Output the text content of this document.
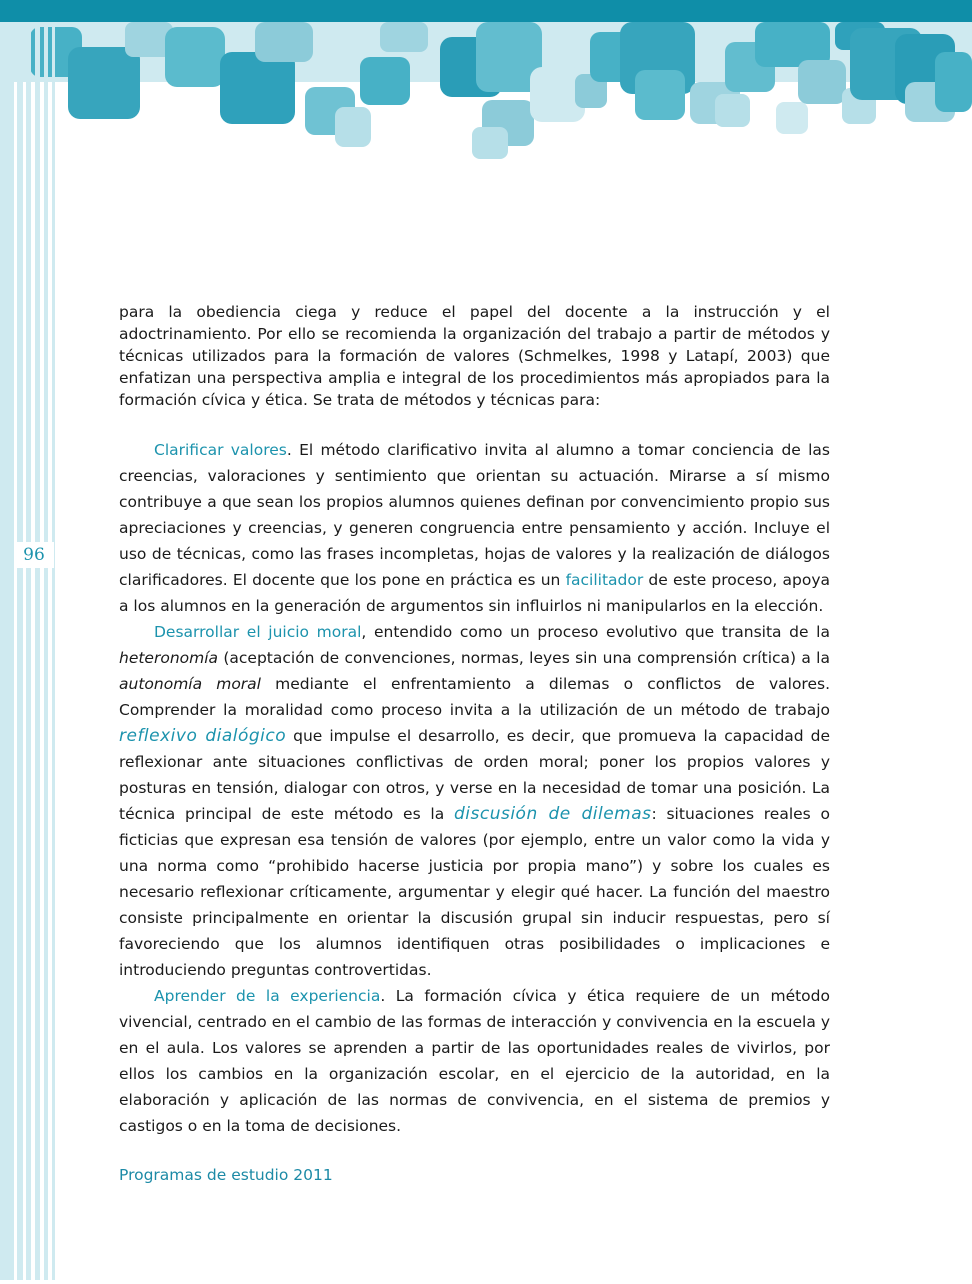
96

para la obediencia ciega y reduce el papel del docente a la instrucción y el adoctrinamiento. Por ello se recomienda la organización del trabajo a partir de métodos y técnicas utilizados para la formación de valores (Schmelkes, 1998 y Latapí, 2003) que enfatizan una perspectiva amplia e integral de los procedimientos más apropiados para la formación cívica y ética. Se trata de métodos y técnicas para:

Clarificar valores. El método clarificativo invita al alumno a tomar conciencia de las creencias, valoraciones y sentimiento que orientan su actuación. Mirarse a sí mismo contribuye a que sean los propios alumnos quienes definan por convencimiento propio sus apreciaciones y creencias, y generen congruencia entre pensamiento y acción. Incluye el uso de técnicas, como las frases incompletas, hojas de valores y la realización de diálogos clarificadores. El docente que los pone en práctica es un facilitador de este proceso, apoya a los alumnos en la generación de argumentos sin influirlos ni manipularlos en la elección.

Desarrollar el juicio moral, entendido como un proceso evolutivo que transita de la heteronomía (aceptación de convenciones, normas, leyes sin una comprensión crítica) a la autonomía moral mediante el enfrentamiento a dilemas o conflictos de valores. Comprender la moralidad como proceso invita a la utilización de un método de trabajo reflexivo dialógico que impulse el desarrollo, es decir, que promueva la capacidad de reflexionar ante situaciones conflictivas de orden moral; poner los propios valores y posturas en tensión, dialogar con otros, y verse en la necesidad de tomar una posición. La técnica principal de este método es la discusión de dilemas: situaciones reales o ficticias que expresan esa tensión de valores (por ejemplo, entre un valor como la vida y una norma como “prohibido hacerse justicia por propia mano”) y sobre los cuales es necesario reflexionar críticamente, argumentar y elegir qué hacer. La función del maestro consiste principalmente en orientar la discusión grupal sin inducir respuestas, pero sí favoreciendo que los alumnos identifiquen otras posibilidades o implicaciones e introduciendo preguntas controvertidas.

Aprender de la experiencia. La formación cívica y ética requiere de un método vivencial, centrado en el cambio de las formas de interacción y convivencia en la escuela y en el aula. Los valores se aprenden a partir de las oportunidades reales de vivirlos, por ellos los cambios en la organización escolar, en el ejercicio de la autoridad, en la elaboración y aplicación de las normas de convivencia, en el sistema de premios y castigos o en la toma de decisiones.

Programas de estudio 2011
